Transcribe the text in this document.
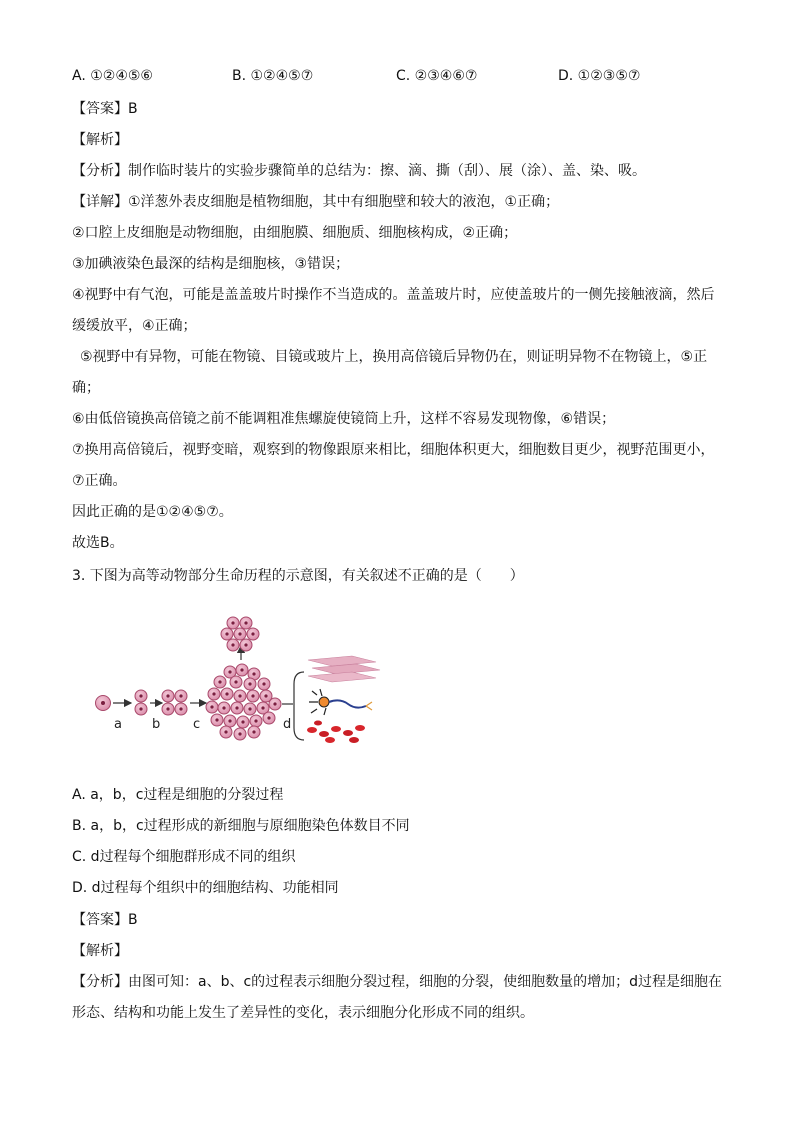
A. ①②④⑤⑥	B. ①②④⑤⑦	C. ②③④⑥⑦	D. ①②③⑤⑦
【答案】B
【解析】
【分析】制作临时装片的实验步骤简单的总结为：擦、滴、撕（刮）、展（涂）、盖、染、吸。
【详解】①洋葱外表皮细胞是植物细胞，其中有细胞壁和较大的液泡，①正确；
②口腔上皮细胞是动物细胞，由细胞膜、细胞质、细胞核构成，②正确；
③加碘液染色最深的结构是细胞核，③错误；
④视野中有气泡，可能是盖盖玻片时操作不当造成的。盖盖玻片时，应使盖玻片的一侧先接触液滴，然后
缓缓放平，④正确；
⑤视野中有异物，可能在物镜、目镜或玻片上，换用高倍镜后异物仍在，则证明异物不在物镜上，⑤正
确；
⑥由低倍镜换高倍镜之前不能调粗准焦螺旋使镜筒上升，这样不容易发现物像，⑥错误；
⑦换用高倍镜后，视野变暗，观察到的物像跟原来相比，细胞体积更大，细胞数目更少，视野范围更小，
⑦正确。
因此正确的是①②④⑤⑦。
故选B。
3. 下图为高等动物部分生命历程的示意图，有关叙述不正确的是（　　）
a b	c	d
A. a，b，c过程是细胞的分裂过程
B. a，b，c过程形成的新细胞与原细胞染色体数目不同
C. d过程每个细胞群形成不同的组织
D. d过程每个组织中的细胞结构、功能相同
【答案】B
【解析】
【分析】由图可知：a、b、c的过程表示细胞分裂过程，细胞的分裂，使细胞数量的增加；d过程是细胞在
形态、结构和功能上发生了差异性的变化，表示细胞分化形成不同的组织。
